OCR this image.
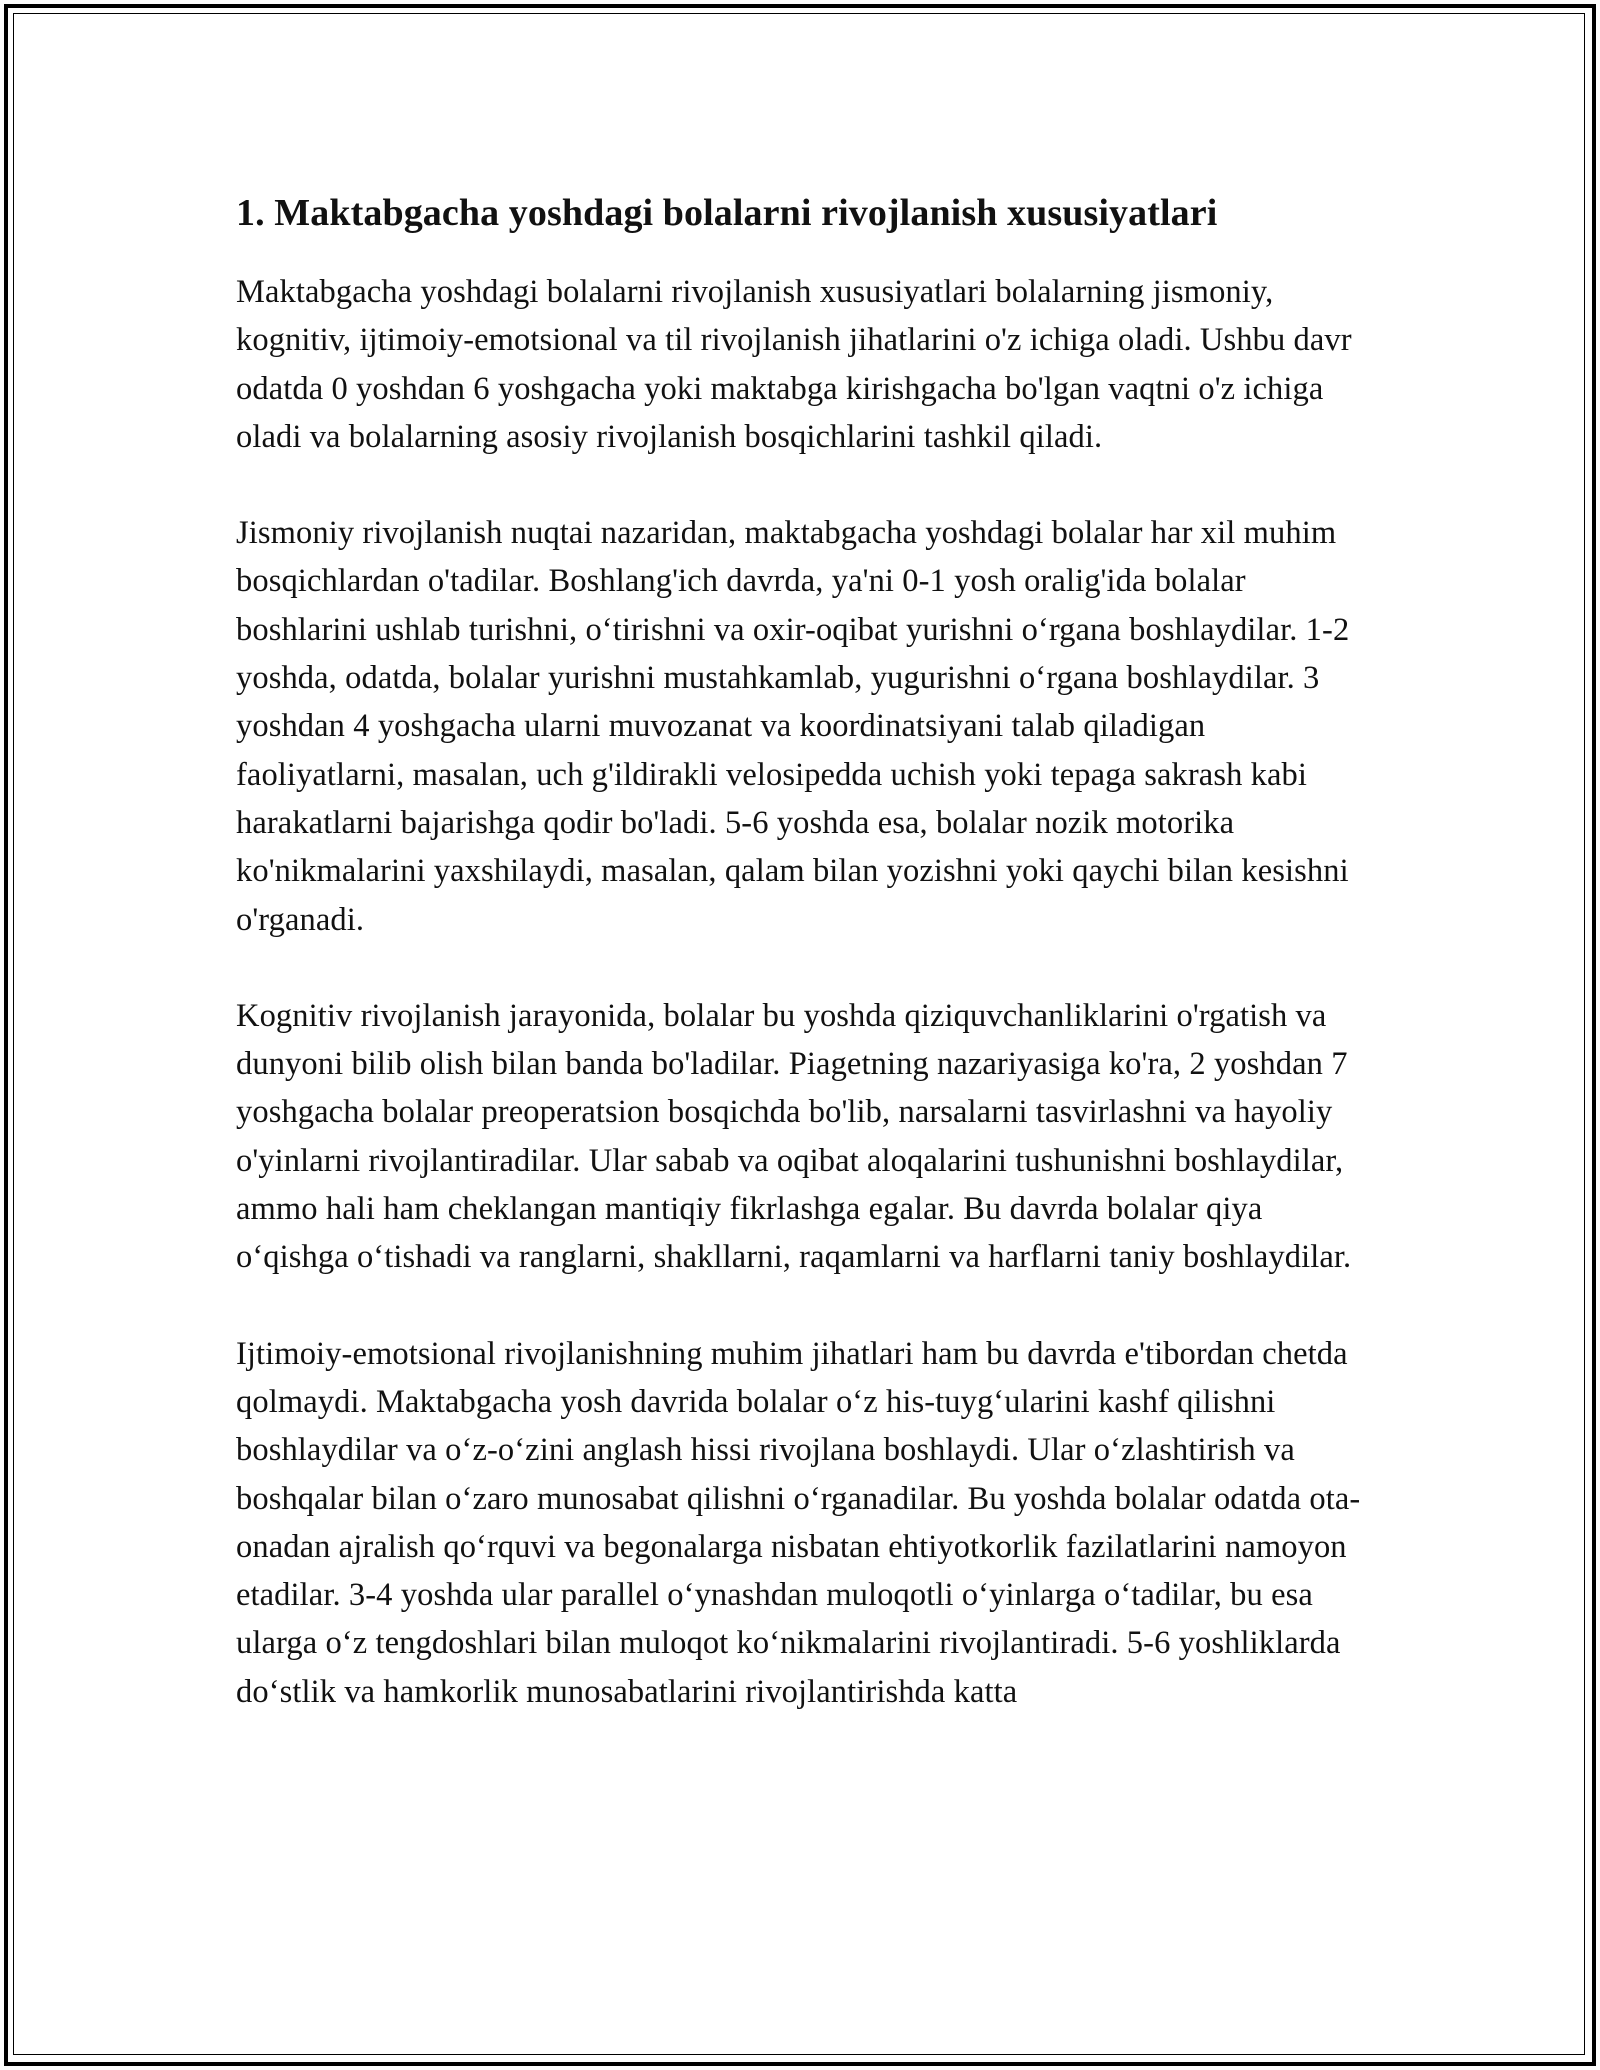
1. Maktabgacha yoshdagi bolalarni rivojlanish xususiyatlari

Maktabgacha yoshdagi bolalarni rivojlanish xususiyatlari bolalarning jismoniy, kognitiv, ijtimoiy-emotsional va til rivojlanish jihatlarini o'z ichiga oladi. Ushbu davr odatda 0 yoshdan 6 yoshgacha yoki maktabga kirishgacha bo'lgan vaqtni o'z ichiga oladi va bolalarning asosiy rivojlanish bosqichlarini tashkil qiladi.

Jismoniy rivojlanish nuqtai nazaridan, maktabgacha yoshdagi bolalar har xil muhim bosqichlardan o'tadilar. Boshlang'ich davrda, ya'ni 0-1 yosh oralig'ida bolalar boshlarini ushlab turishni, o‘tirishni va oxir-oqibat yurishni o‘rgana boshlaydilar. 1-2 yoshda, odatda, bolalar yurishni mustahkamlab, yugurishni o‘rgana boshlaydilar. 3 yoshdan 4 yoshgacha ularni muvozanat va koordinatsiyani talab qiladigan faoliyatlarni, masalan, uch g'ildirakli velosipedda uchish yoki tepaga sakrash kabi harakatlarni bajarishga qodir bo'ladi. 5-6 yoshda esa, bolalar nozik motorika ko'nikmalarini yaxshilaydi, masalan, qalam bilan yozishni yoki qaychi bilan kesishni o'rganadi.

Kognitiv rivojlanish jarayonida, bolalar bu yoshda qiziquvchanliklarini o'rgatish va dunyoni bilib olish bilan banda bo'ladilar. Piagetning nazariyasiga ko'ra, 2 yoshdan 7 yoshgacha bolalar preoperatsion bosqichda bo'lib, narsalarni tasvirlashni va hayoliy o'yinlarni rivojlantiradilar. Ular sabab va oqibat aloqalarini tushunishni boshlaydilar, ammo hali ham cheklangan mantiqiy fikrlashga egalar. Bu davrda bolalar qiya o‘qishga o‘tishadi va ranglarni, shakllarni, raqamlarni va harflarni taniy boshlaydilar.

Ijtimoiy-emotsional rivojlanishning muhim jihatlari ham bu davrda e'tibordan chetda qolmaydi. Maktabgacha yosh davrida bolalar o‘z his-tuyg‘ularini kashf qilishni boshlaydilar va o‘z-o‘zini anglash hissi rivojlana boshlaydi. Ular o‘zlashtirish va boshqalar bilan o‘zaro munosabat qilishni o‘rganadilar. Bu yoshda bolalar odatda ota-onadan ajralish qo‘rquvi va begonalarga nisbatan ehtiyotkorlik fazilatlarini namoyon etadilar. 3-4 yoshda ular parallel o‘ynashdan muloqotli o‘yinlarga o‘tadilar, bu esa ularga o‘z tengdoshlari bilan muloqot ko‘nikmalarini rivojlantiradi. 5-6 yoshliklarda do‘stlik va hamkorlik munosabatlarini rivojlantirishda katta
